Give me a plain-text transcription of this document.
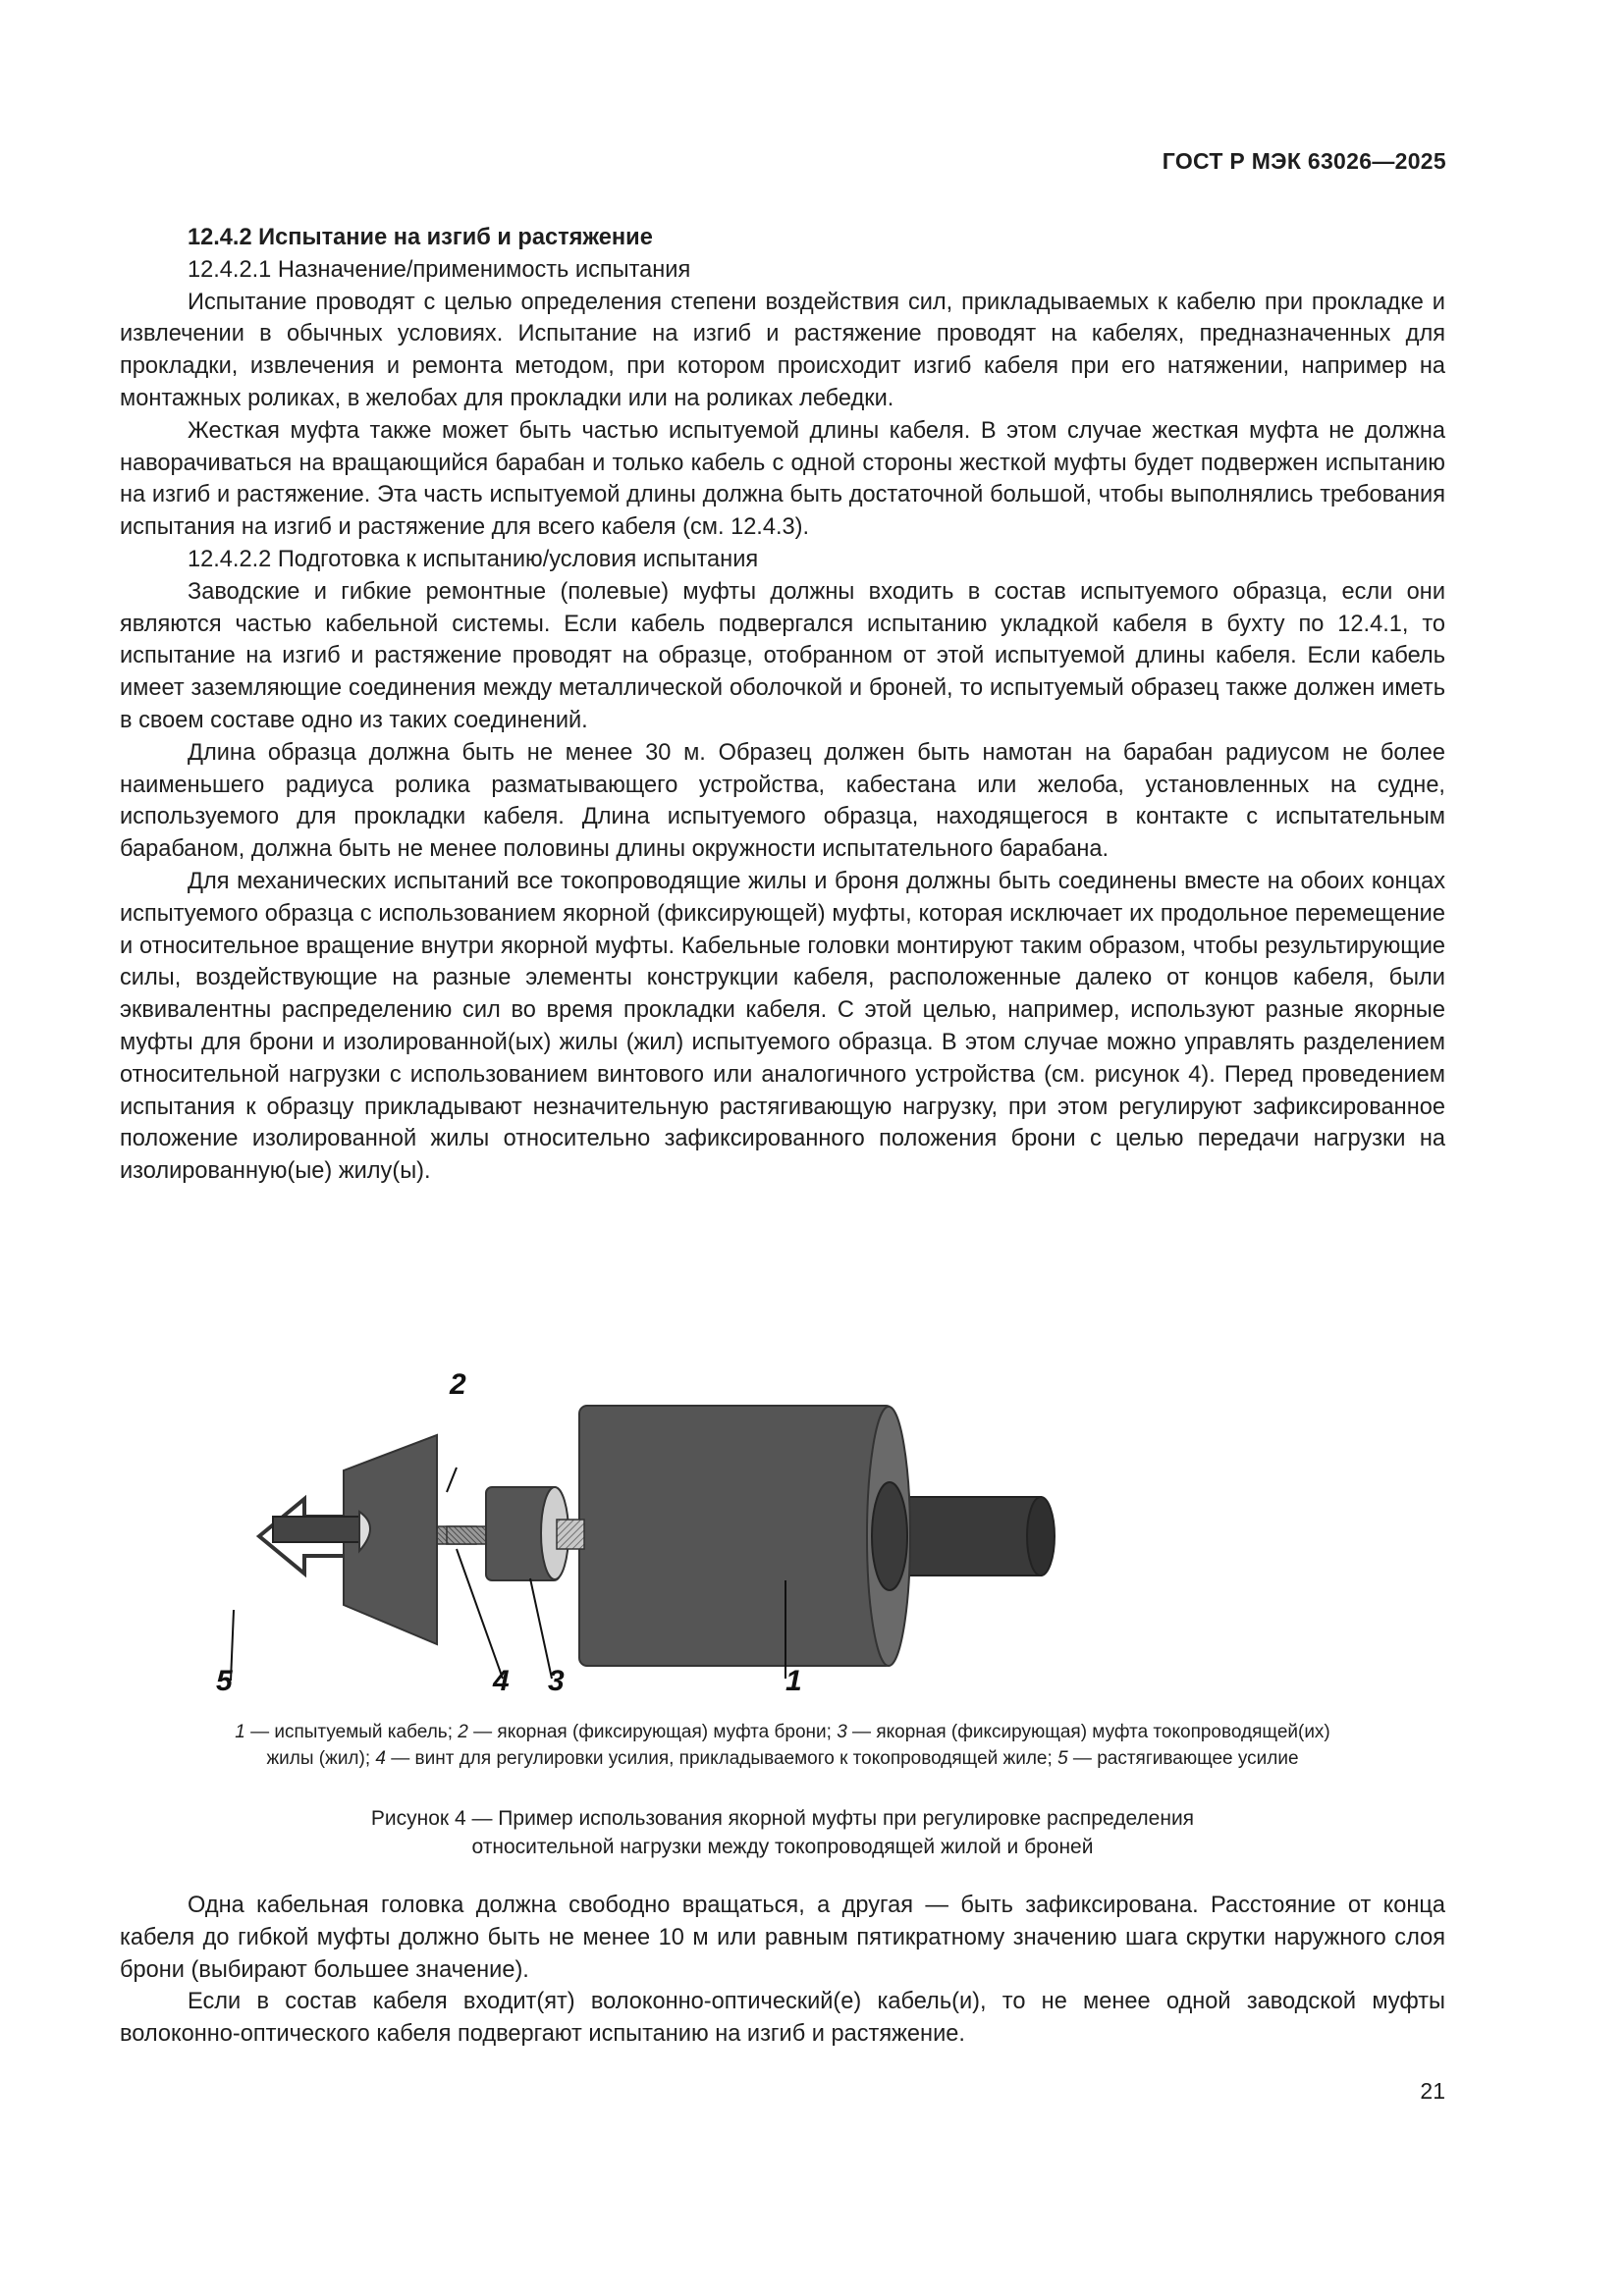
ГОСТ Р МЭК 63026—2025

12.4.2 Испытание на изгиб и растяжение

12.4.2.1 Назначение/применимость испытания

Испытание проводят с целью определения степени воздействия сил, прикладываемых к кабелю при прокладке и извлечении в обычных условиях. Испытание на изгиб и растяжение проводят на кабелях, предназначенных для прокладки, извлечения и ремонта методом, при котором происходит изгиб кабеля при его натяжении, например на монтажных роликах, в желобах для прокладки или на роликах лебедки.

Жесткая муфта также может быть частью испытуемой длины кабеля. В этом случае жесткая муфта не должна наворачиваться на вращающийся барабан и только кабель с одной стороны жесткой муфты будет подвержен испытанию на изгиб и растяжение. Эта часть испытуемой длины должна быть достаточной большой, чтобы выполнялись требования испытания на изгиб и растяжение для всего кабеля (см. 12.4.3).

12.4.2.2 Подготовка к испытанию/условия испытания

Заводские и гибкие ремонтные (полевые) муфты должны входить в состав испытуемого образца, если они являются частью кабельной системы. Если кабель подвергался испытанию укладкой кабеля в бухту по 12.4.1, то испытание на изгиб и растяжение проводят на образце, отобранном от этой испытуемой длины кабеля. Если кабель имеет заземляющие соединения между металлической оболочкой и броней, то испытуемый образец также должен иметь в своем составе одно из таких соединений.

Длина образца должна быть не менее 30 м. Образец должен быть намотан на барабан радиусом не более наименьшего радиуса ролика разматывающего устройства, кабестана или желоба, установленных на судне, используемого для прокладки кабеля. Длина испытуемого образца, находящегося в контакте с испытательным барабаном, должна быть не менее половины длины окружности испытательного барабана.

Для механических испытаний все токопроводящие жилы и броня должны быть соединены вместе на обоих концах испытуемого образца с использованием якорной (фиксирующей) муфты, которая исключает их продольное перемещение и относительное вращение внутри якорной муфты. Кабельные головки монтируют таким образом, чтобы результирующие силы, воздействующие на разные элементы конструкции кабеля, расположенные далеко от концов кабеля, были эквивалентны распределению сил во время прокладки кабеля. С этой целью, например, используют разные якорные муфты для брони и изолированной(ых) жилы (жил) испытуемого образца. В этом случае можно управлять разделением относительной нагрузки с использованием винтового или аналогичного устройства (см. рисунок 4). Перед проведением испытания к образцу прикладывают незначительную растягивающую нагрузку, при этом регулируют зафиксированное положение изолированной жилы относительно зафиксированного положения брони с целью передачи нагрузки на изолированную(ые) жилу(ы).

5	4 3	1
2
1 — испытуемый кабель; 2 — якорная (фиксирующая) муфта брони; 3 — якорная (фиксирующая) муфта токопроводящей(их)
жилы (жил); 4 — винт для регулировки усилия, прикладываемого к токопроводящей жиле; 5 — растягивающее усилие
Рисунок 4 — Пример использования якорной муфты при регулировке распределения
относительной нагрузки между токопроводящей жилой и броней

Одна кабельная головка должна свободно вращаться, а другая — быть зафиксирована. Расстояние от конца кабеля до гибкой муфты должно быть не менее 10 м или равным пятикратному значению шага скрутки наружного слоя брони (выбирают большее значение).

Если в состав кабеля входит(ят) волоконно-оптический(е) кабель(и), то не менее одной заводской муфты волоконно-оптического кабеля подвергают испытанию на изгиб и растяжение.

21
